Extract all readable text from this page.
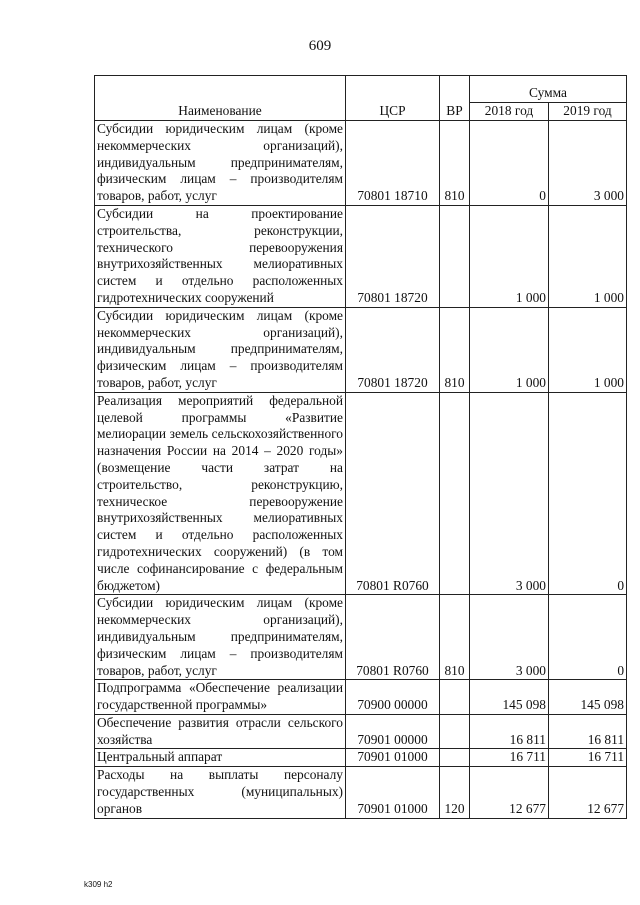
609
Наименование	ЦСР	ВР	Сумма	
			2018 год	2019 год
Субсидии юридическим лицам (кроме некоммерческих организаций), индивидуальным предпринимателям, физическим лицам – производителям товаров, работ, услуг	70801 18710	810	0	3 000
Субсидии на проектирование строительства, реконструкции, технического перевооружения внутрихозяйственных мелиоративных систем и отдельно расположенных гидротехнических сооружений	70801 18720		1 000	1 000
Субсидии юридическим лицам (кроме некоммерческих организаций), индивидуальным предпринимателям, физическим лицам – производителям товаров, работ, услуг	70801 18720	810	1 000	1 000
Реализация мероприятий федеральной целевой программы «Развитие мелиорации земель сельскохозяйственного назначения России на 2014 – 2020 годы» (возмещение части затрат на строительство, реконструкцию, техническое перевооружение внутрихозяйственных мелиоративных систем и отдельно расположенных гидротехнических сооружений) (в том числе софинансирование с федеральным бюджетом)	70801 R0760		3 000	0
Субсидии юридическим лицам (кроме некоммерческих организаций), индивидуальным предпринимателям, физическим лицам – производителям товаров, работ, услуг	70801 R0760	810	3 000	0
Подпрограмма «Обеспечение реализации государственной программы»	70900 00000		145 098	145 098
Обеспечение развития отрасли сельского хозяйства	70901 00000		16 811	16 811
Центральный аппарат	70901 01000		16 711	16 711
Расходы на выплаты персоналу государственных (муниципальных) органов	70901 01000	120	12 677	12 677
k309 h2
